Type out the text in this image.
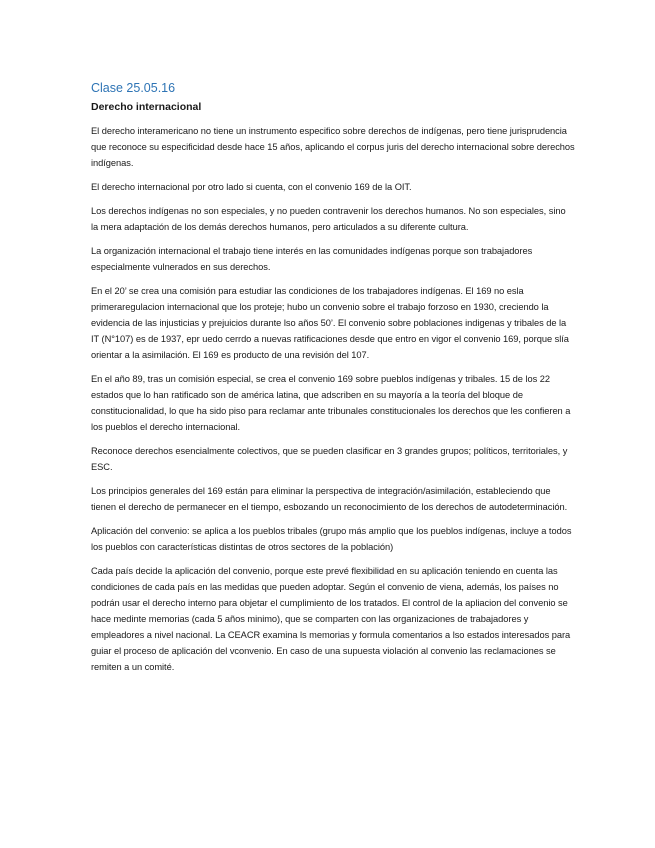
Clase 25.05.16

Derecho internacional

El derecho interamericano no tiene un instrumento especifico sobre derechos de indígenas, pero tiene jurisprudencia que reconoce su especificidad desde hace 15 años, aplicando el corpus juris del derecho internacional sobre derechos indígenas.

El derecho internacional por otro lado si cuenta, con el convenio 169 de la OIT.

Los derechos indígenas no son especiales, y no pueden contravenir los derechos humanos. No son especiales, sino la mera adaptación de los demás derechos humanos, pero articulados a su diferente cultura.

La organización internacional el trabajo tiene interés en las comunidades indígenas porque son trabajadores especialmente vulnerados en sus derechos.

En el 20’ se crea una comisión para estudiar las condiciones de los trabajadores indígenas. El 169 no esla primeraregulacion internacional que los proteje; hubo un convenio sobre el trabajo forzoso en 1930, creciendo la evidencia de las injusticias y prejuicios durante lso años 50’. El convenio sobre poblaciones indigenas y tribales de la IT (N°107) es de 1937, epr uedo cerrdo a nuevas ratificaciones desde que entro en vigor el convenio 169, porque slía orientar a la asimilación. El 169 es producto de una revisión del 107.

En el año 89, tras un comisión especial, se crea el convenio 169 sobre pueblos indígenas y tribales. 15 de los 22 estados que lo han ratificado son de américa latina, que adscriben en su mayoría a la teoría del bloque de constitucionalidad, lo que ha sido piso para reclamar ante tribunales constitucionales los derechos que les confieren a los pueblos el derecho internacional.

Reconoce derechos esencialmente colectivos, que se pueden clasificar en 3 grandes grupos; políticos, territoriales, y ESC.

Los principios generales del 169 están para eliminar la perspectiva de integración/asimilación, estableciendo que tienen el derecho de permanecer en el tiempo, esbozando un reconocimiento de los derechos de autodeterminación.

Aplicación del convenio: se aplica a los pueblos tribales (grupo más amplio que los pueblos indígenas, incluye a todos los pueblos con características distintas de otros sectores de la población)

Cada país decide la aplicación del convenio, porque este prevé flexibilidad en su aplicación teniendo en cuenta las condiciones de cada país en las medidas que pueden adoptar. Según el convenio de viena, además, los países no podrán usar el derecho interno para objetar el cumplimiento de los tratados. El control de la apliacion del convenio se hace medinte memorias (cada 5 años minimo), que se comparten con las organizaciones de trabajadores y empleadores a nivel nacional. La CEACR examina ls memorias y formula comentarios a lso estados interesados para guiar el proceso de aplicación del vconvenio. En caso de una supuesta violación al convenio las reclamaciones se remiten a un comité.
